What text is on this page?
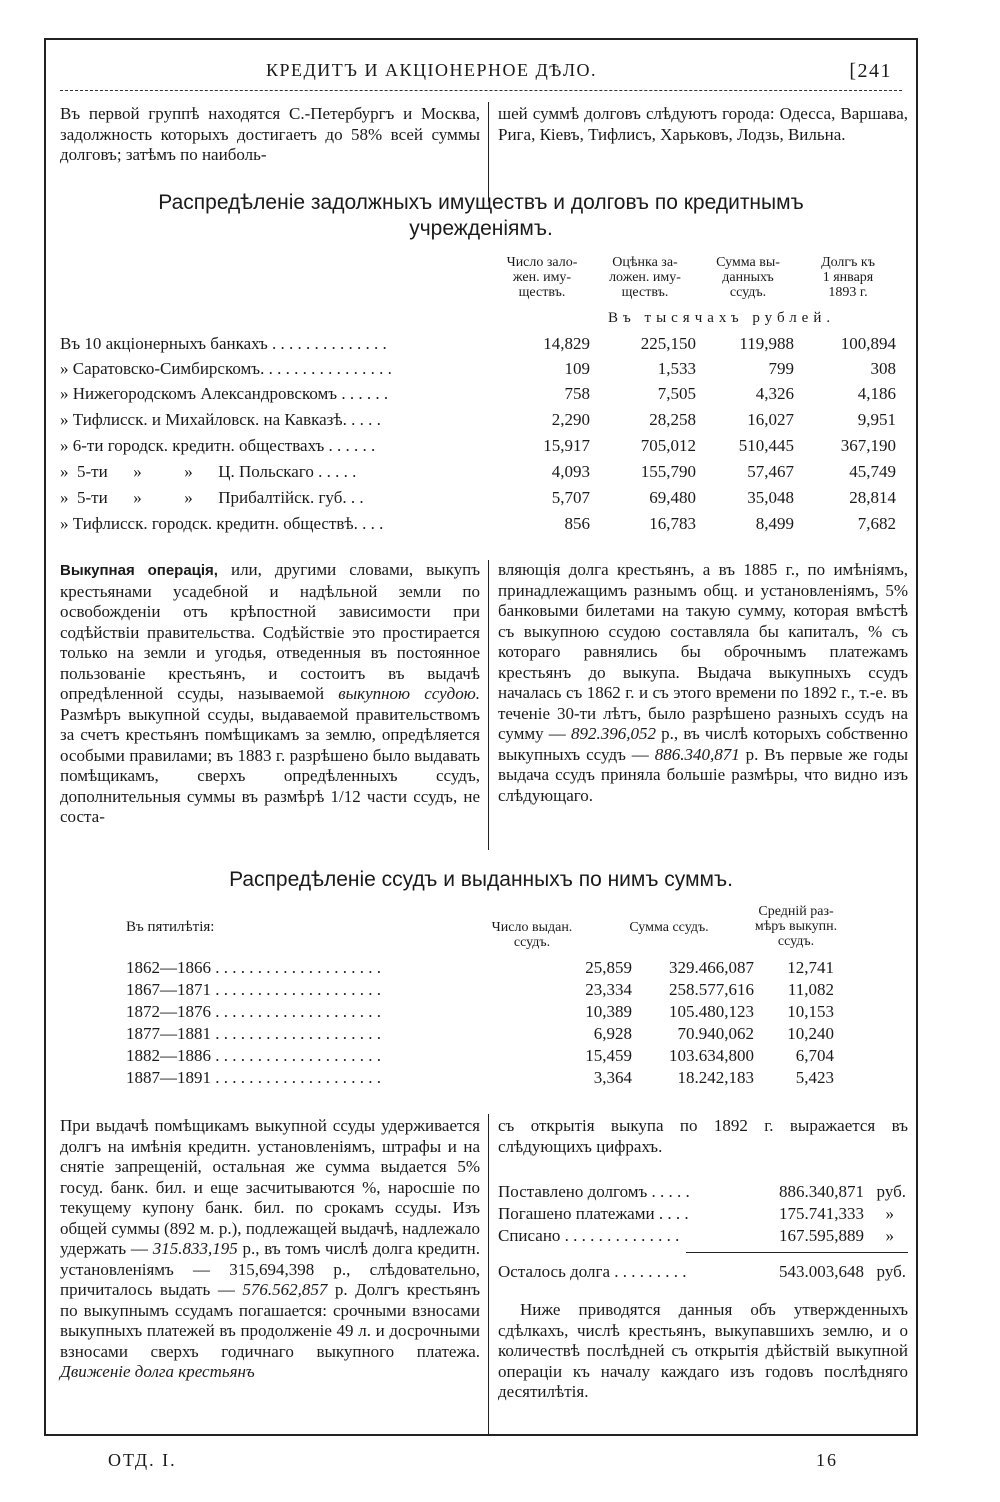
КРЕДИТЪ И АКЦIОНЕРНОЕ ДѢЛО.	[241

Въ первой группѣ находятся С.-Петербургъ и Москва, задолжность которыхъ достигаетъ до 58% всей суммы долговъ; затѣмъ по наиболь-

шей суммѣ долговъ слѣдуютъ города: Одесса, Варшава, Рига, Кiевъ, Тифлисъ, Харьковъ, Лодзь, Вильна.

Распредѣленiе задолжныхъ имуществъ и долговъ по кредитнымъ
учрежденiямъ.
Число зало-
жен. иму-
ществъ.
Оцѣнка за-
ложен. иму-
ществъ.
Сумма вы-
данныхъ
ссудъ.
Долгъ къ
1 января
1893 г.
Въ тысячахъ рублей.
Въ 10 акцiонерныхъ банкахъ . . . . . . . . . . . . . .	14,829	225,150	119,988	100,894
» Саратовско-Симбирскомъ. . . . . . . . . . . . . . . .	109	1,533	799	308
» Нижегородскомъ Александровскомъ . . . . . .	758	7,505	4,326	4,186
» Тифлисск. и Михайловск. на Кавказѣ. . . . .	2,290	28,258	16,027	9,951
» 6-ти городск. кредитн. обществахъ . . . . . .	15,917	705,012	510,445	367,190
»  5-ти      »          »      Ц. Польскаго . . . . .	4,093	155,790	57,467	45,749
»  5-ти      »          »      Прибалтiйск. губ. . .	5,707	69,480	35,048	28,814
» Тифлисск. городск. кредитн. обществѣ. . . .	856	16,783	8,499	7,682

Выкупная операцiя, или, другими словами, выкупъ крестьянами усадебной и надѣльной земли по освобожденiи отъ крѣпостной зависимости при содѣйствiи правительства. Содѣйствiе это простирается только на земли и угодья, отведенныя въ постоянное пользованiе крестьянъ, и состоитъ въ выдачѣ опредѣленной ссуды, называемой выкупною ссудою. Размѣръ выкупной ссуды, выдаваемой правительствомъ за счетъ крестьянъ помѣщикамъ за землю, опредѣляется особыми правилами; въ 1883 г. разрѣшено было выдавать помѣщикамъ, сверхъ опредѣленныхъ ссудъ, дополнительныя суммы въ размѣрѣ 1/12 части ссудъ, не соста-

вляющiя долга крестьянъ, а въ 1885 г., по имѣнiямъ, принадлежащимъ разнымъ общ. и установленiямъ, 5% банковыми билетами на такую сумму, которая вмѣстѣ съ выкупною ссудою составляла бы капиталъ, % съ котораго равнялись бы оброчнымъ платежамъ крестьянъ до выкупа. Выдача выкупныхъ ссудъ началась съ 1862 г. и съ этого времени по 1892 г., т.-е. въ теченiе 30-ти лѣтъ, было разрѣшено разныхъ ссудъ на сумму — 892.396,052 р., въ числѣ которыхъ собственно выкупныхъ ссудъ — 886.340,871 р. Въ первые же годы выдача ссудъ приняла большiе размѣры, что видно изъ слѣдующаго.

Распредѣленiе ссудъ и выданныхъ по нимъ суммъ.
Въ пятилѣтiя:	Число выдан.
ссудъ.
Сумма ссудъ.
Среднiй раз-
мѣръ выкупн.
ссудъ.
1862—1866 . . . . . . . . . . . . . . . . . . . .	25,859 329.466,087 12,741
1867—1871 . . . . . . . . . . . . . . . . . . . .	23,334 258.577,616 11,082
1872—1876 . . . . . . . . . . . . . . . . . . . .	10,389 105.480,123 10,153
1877—1881 . . . . . . . . . . . . . . . . . . . .	6,928	70.940,062 10,240
1882—1886 . . . . . . . . . . . . . . . . . . . .	15,459 103.634,800 6,704
1887—1891 . . . . . . . . . . . . . . . . . . . .	3,364	18.242,183 5,423

При выдачѣ помѣщикамъ выкупной ссуды удерживается долгъ на имѣнiя кредитн. установленiямъ, штрафы и на снятiе запрещенiй, остальная же сумма выдается 5% госуд. банк. бил. и еще засчитываются %, наросшiе по текущему купону банк. бил. по срокамъ ссуды. Изъ общей суммы (892 м. р.), подлежащей выдачѣ, надлежало удержать — 315.833,195 р., въ томъ числѣ долга кредитн. установленiямъ — 315,694,398 р., слѣдовательно, причиталось выдать — 576.562,857 р. Долгъ крестьянъ по выкупнымъ ссудамъ погашается: срочными взносами выкупныхъ платежей въ продолженiе 49 л. и досрочными взносами сверхъ годичнаго выкупного платежа. Движенiе долга крестьянъ

съ открытiя выкупа по 1892 г. выражается въ слѣдующихъ цифрахъ.

Поставлено долгомъ . . . . .	886.340,871 руб.
Погашено платежами . . . .	175.741,333 »
Списано . . . . . . . . . . . . . .	167.595,889 »
Осталось долга . . . . . . . . .	543.003,648 руб.

Ниже приводятся данныя объ утвержденныхъ сдѣлкахъ, числѣ крестьянъ, выкупавшихъ землю, и о количествѣ послѣдней съ открытiя дѣйствiй выкупной операцiи къ началу каждаго изъ годовъ послѣдняго десятилѣтiя.

ОТД. I.	16
